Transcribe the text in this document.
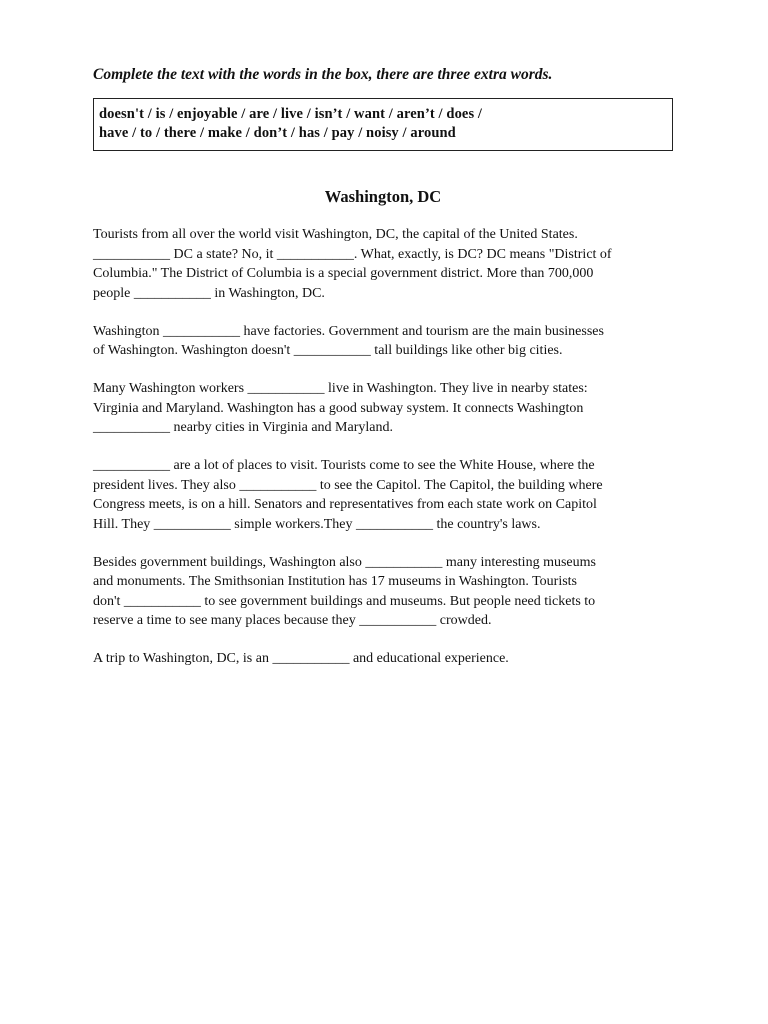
Complete the text with the words in the box, there are three extra words.

doesn't / is / enjoyable / are / live / isn’t / want / aren’t / does /
have / to / there / make / don’t / has / pay / noisy / around
Washington, DC

Tourists from all over the world visit Washington, DC, the capital of the United States.
___________ DC a state? No, it ___________. What, exactly, is DC? DC means "District of
Columbia." The District of Columbia is a special government district. More than 700,000
people ___________ in Washington, DC.

Washington ___________ have factories. Government and tourism are the main businesses
of Washington. Washington doesn't ___________ tall buildings like other big cities.

Many Washington workers ___________ live in Washington. They live in nearby states:
Virginia and Maryland. Washington has a good subway system. It connects Washington
___________ nearby cities in Virginia and Maryland.

___________ are a lot of places to visit. Tourists come to see the White House, where the
president lives. They also ___________ to see the Capitol. The Capitol, the building where
Congress meets, is on a hill. Senators and representatives from each state work on Capitol
Hill. They ___________ simple workers.They ___________ the country's laws.

Besides government buildings, Washington also ___________ many interesting museums
and monuments. The Smithsonian Institution has 17 museums in Washington. Tourists
don't ___________ to see government buildings and museums. But people need tickets to
reserve a time to see many places because they ___________ crowded.

A trip to Washington, DC, is an ___________ and educational experience.
